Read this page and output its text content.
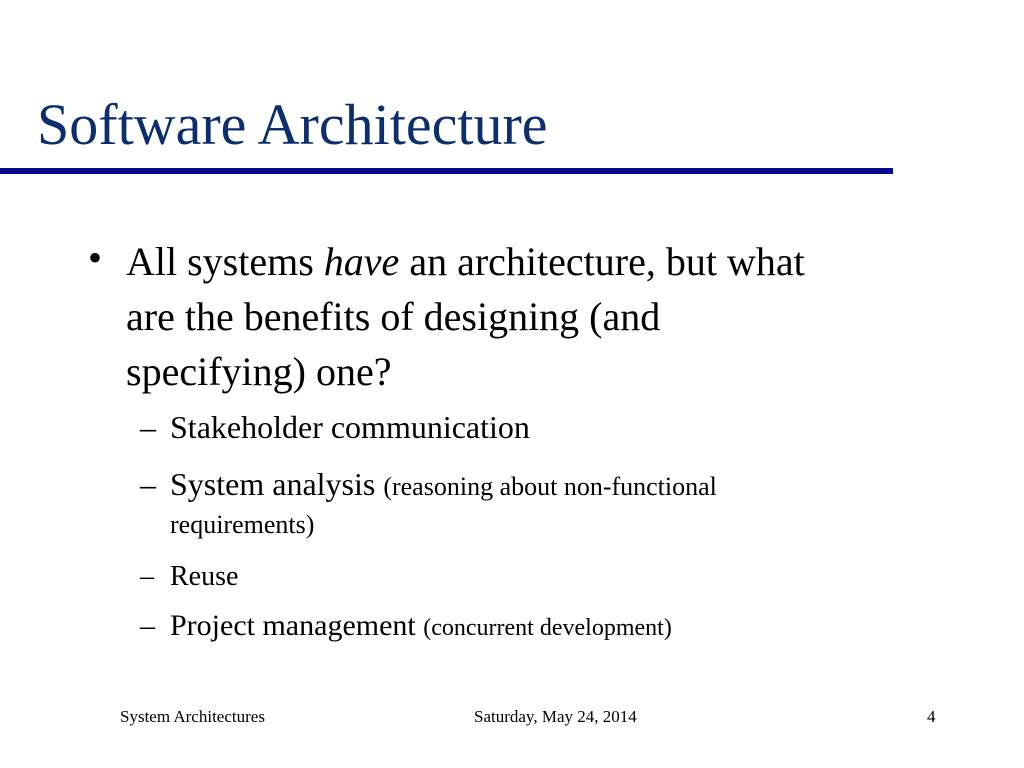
Software Architecture
• All systems have an architecture, but what
are the benefits of designing (and
specifying) one?
– Stakeholder communication
– System analysis (reasoning about non-functional
requirements)
– Reuse
– Project management (concurrent development)
System Architectures	Saturday, May 24, 2014	4
